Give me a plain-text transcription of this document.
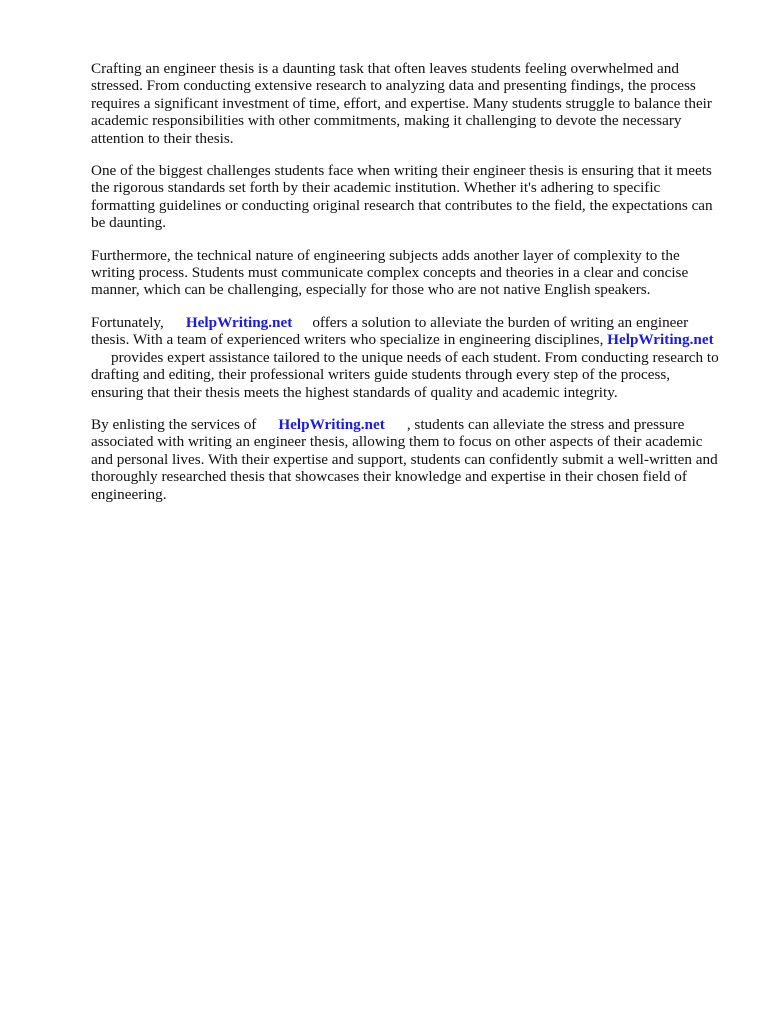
Crafting an engineer thesis is a daunting task that often leaves students feeling overwhelmed and stressed. From conducting extensive research to analyzing data and presenting findings, the process requires a significant investment of time, effort, and expertise. Many students struggle to balance their academic responsibilities with other commitments, making it challenging to devote the necessary attention to their thesis.

One of the biggest challenges students face when writing their engineer thesis is ensuring that it meets the rigorous standards set forth by their academic institution. Whether it's adhering to specific formatting guidelines or conducting original research that contributes to the field, the expectations can be daunting.

Furthermore, the technical nature of engineering subjects adds another layer of complexity to the writing process. Students must communicate complex concepts and theories in a clear and concise manner, which can be challenging, especially for those who are not native English speakers.

Fortunately, HelpWriting.net offers a solution to alleviate the burden of writing an engineer thesis. With a team of experienced writers who specialize in engineering disciplines, HelpWriting.netprovides expert assistance tailored to the unique needs of each student. From conducting research to drafting and editing, their professional writers guide students through every step of the process, ensuring that their thesis meets the highest standards of quality and academic integrity.

By enlisting the services of HelpWriting.net , students can alleviate the stress and pressure associated with writing an engineer thesis, allowing them to focus on other aspects of their academic and personal lives. With their expertise and support, students can confidently submit a well-written and thoroughly researched thesis that showcases their knowledge and expertise in their chosen field of engineering.
